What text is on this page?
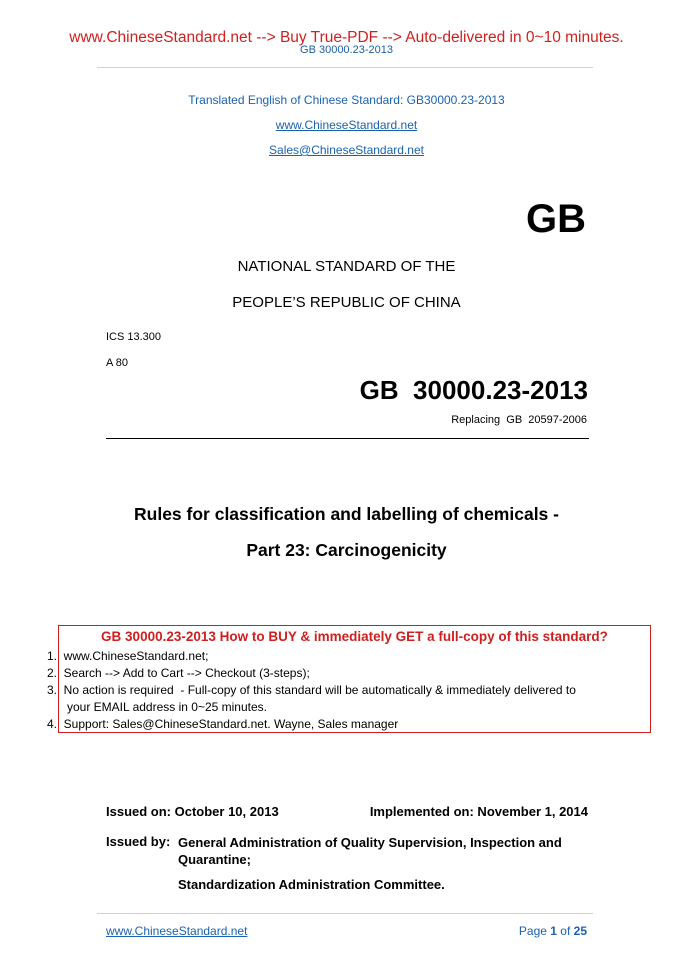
www.ChineseStandard.net --> Buy True-PDF --> Auto-delivered in 0~10 minutes.
GB 30000.23-2013
Translated English of Chinese Standard: GB30000.23-2013
www.ChineseStandard.net
Sales@ChineseStandard.net
GB
NATIONAL STANDARD OF THE
PEOPLE’S REPUBLIC OF CHINA
ICS 13.300
A 80
GB  30000.23-2013
Replacing  GB  20597-2006
Rules for classification and labelling of chemicals -
Part 23: Carcinogenicity
GB 30000.23-2013 How to BUY & immediately GET a full-copy of this standard?
1.  www.ChineseStandard.net;
2.  Search --> Add to Cart --> Checkout (3-steps);
3.  No action is required  - Full-copy of this standard will be automatically & immediately delivered to
your EMAIL address in 0~25 minutes.
4.  Support: Sales@ChineseStandard.net. Wayne, Sales manager
Issued on: October 10, 2013	Implemented on: November 1, 2014
Issued by: General Administration of Quality Supervision, Inspection and Quarantine;
Standardization Administration Committee.
www.ChineseStandard.net	Page 1 of 25
